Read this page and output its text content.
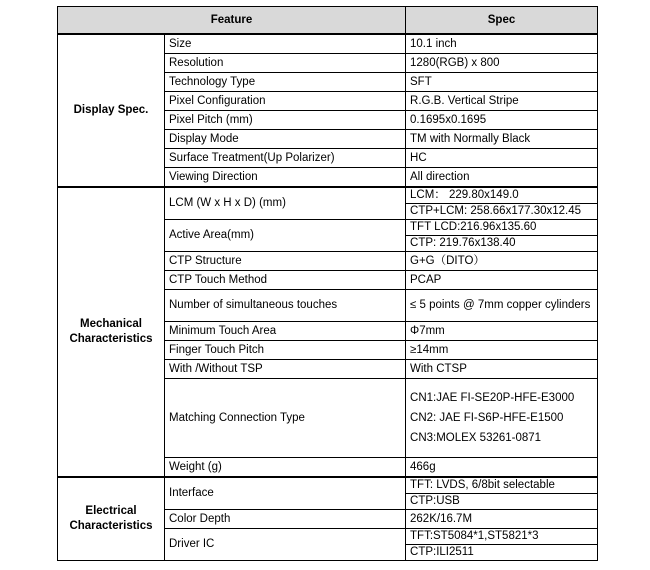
Feature		Spec
Display Spec.	Size	10.1 inch
	Resolution	1280(RGB) x 800
	Technology Type	SFT
	Pixel Configuration	R.G.B. Vertical Stripe
	Pixel Pitch (mm)	0.1695x0.1695
	Display Mode	TM with Normally Black
	Surface Treatment(Up Polarizer)	HC
	Viewing Direction	All direction
Mechanical Characteristics	LCM (W x H x D) (mm)	LCM： 229.80x149.0
		CTP+LCM: 258.66x177.30x12.45
	Active Area(mm)	TFT LCD:216.96x135.60
		CTP: 219.76x138.40
	CTP Structure	G+G（DITO）
	CTP Touch Method	PCAP
	Number of simultaneous touches	≤ 5 points @ 7mm copper cylinders
	Minimum Touch Area	Φ7mm
	Finger Touch Pitch	≥14mm
	With /Without TSP	With CTSP
	Matching Connection Type	CN1:JAE FI-SE20P-HFE-E3000
CN2: JAE FI-S6P-HFE-E1500
CN3:MOLEX 53261-0871

	Weight (g)	466g
Electrical Characteristics	Interface	TFT: LVDS, 6/8bit selectable
		CTP:USB
	Color Depth	262K/16.7M
	Driver IC	TFT:ST5084*1,ST5821*3
		CTP:ILI2511
